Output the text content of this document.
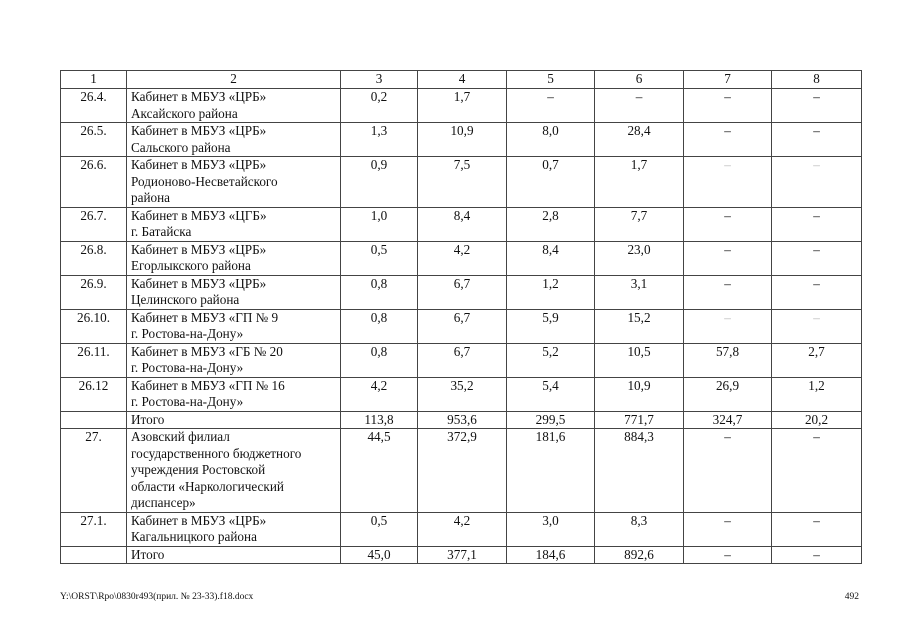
1	2	3	4	5	6	7	8
26.4.	Кабинет в МБУЗ «ЦРБ»
Аксайского района	0,2	1,7	–	–	–	–
26.5.	Кабинет в МБУЗ «ЦРБ»
Сальского района	1,3	10,9	8,0	28,4	–	–
26.6.	Кабинет в МБУЗ «ЦРБ»
Родионово-Несветайского
района	0,9	7,5	0,7	1,7	–	–
26.7.	Кабинет в МБУЗ «ЦГБ»
г. Батайска	1,0	8,4	2,8	7,7	–	–
26.8.	Кабинет в МБУЗ «ЦРБ»
Егорлыкского района	0,5	4,2	8,4	23,0	–	–
26.9.	Кабинет в МБУЗ «ЦРБ»
Целинского района	0,8	6,7	1,2	3,1	–	–
26.10.	Кабинет в МБУЗ «ГП № 9
г. Ростова-на-Дону»	0,8	6,7	5,9	15,2	–	–
26.11.	Кабинет в МБУЗ «ГБ № 20
г. Ростова-на-Дону»	0,8	6,7	5,2	10,5	57,8	2,7
26.12	Кабинет в МБУЗ «ГП № 16
г. Ростова-на-Дону»	4,2	35,2	5,4	10,9	26,9	1,2
	Итого	113,8	953,6	299,5	771,7	324,7	20,2
27.	Азовский филиал
государственного бюджетного
учреждения Ростовской
области «Наркологический
диспансер»	44,5	372,9	181,6	884,3	–	–
27.1.	Кабинет в МБУЗ «ЦРБ»
Кагальницкого района	0,5	4,2	3,0	8,3	–	–
	Итого	45,0	377,1	184,6	892,6	–	–
Y:\ORST\Rpo\0830r493(прил. № 23-33).f18.docx	492
